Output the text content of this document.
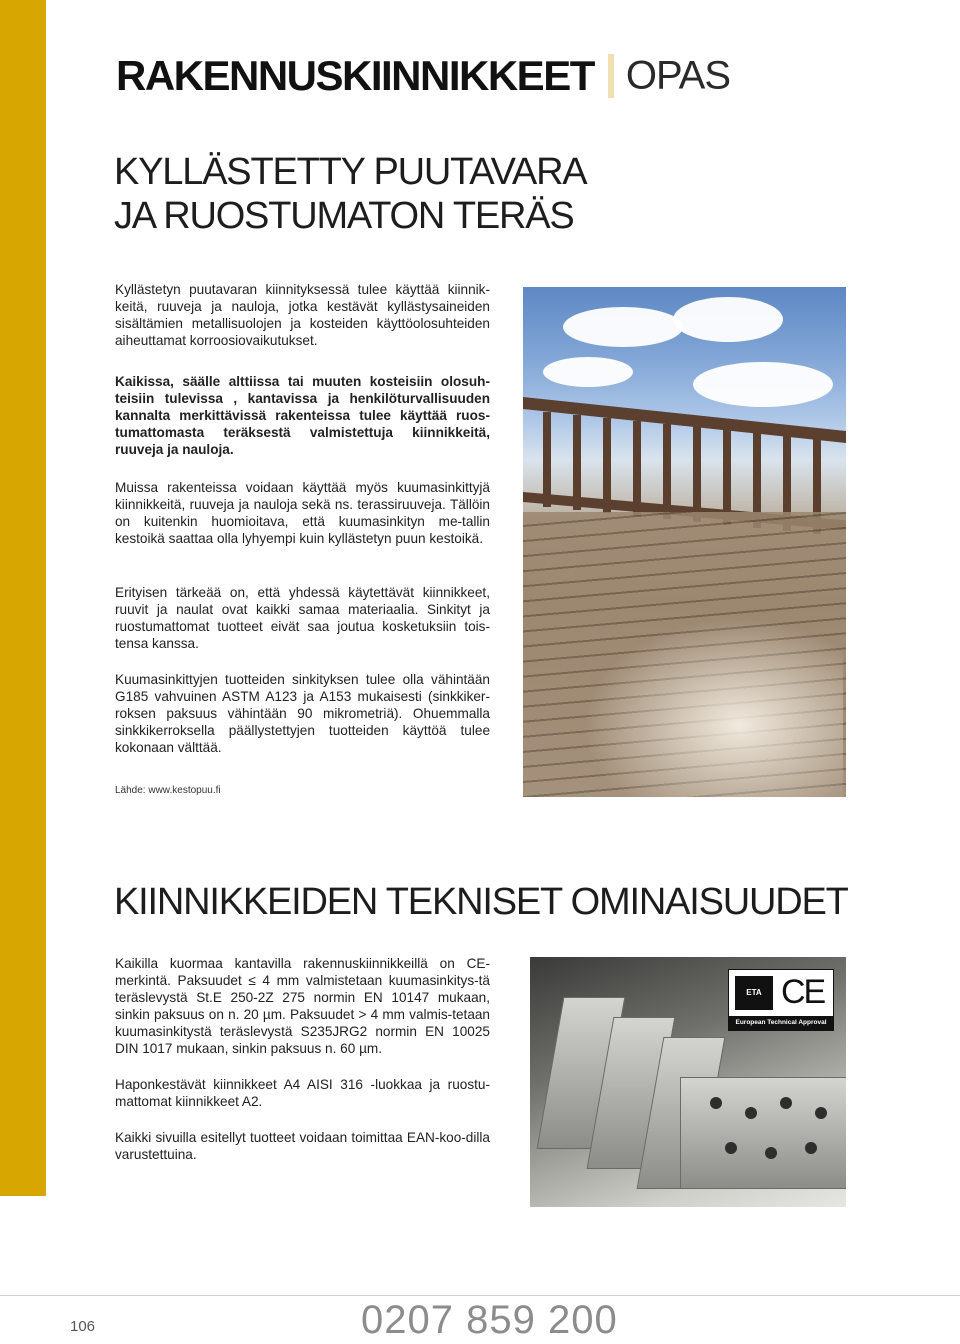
RAKENNUSKIINNIKKEET OPAS
KYLLÄSTETTY PUUTAVARA
JA RUOSTUMATON TERÄS

Kyllästetyn puutavaran kiinnityksessä tulee käyttää kiinnik-keitä, ruuveja ja nauloja, jotka kestävät kyllästysaineiden sisältämien metallisuolojen ja kosteiden käyttöolosuhteiden aiheuttamat korroosiovaikutukset.

Kaikissa, säälle alttiissa tai muuten kosteisiin olosuh-teisiin tulevissa , kantavissa ja henkilöturvallisuuden kannalta merkittävissä rakenteissa tulee käyttää ruos-tumattomasta teräksestä valmistettuja kiinnikkeitä, ruuveja ja nauloja.

Muissa rakenteissa voidaan käyttää myös kuumasinkittyjä kiinnikkeitä, ruuveja ja nauloja sekä ns. terassiruuveja. Tällöin on kuitenkin huomioitava, että kuumasinkityn me-tallin kestoikä saattaa olla lyhyempi kuin kyllästetyn puun kestoikä.

Erityisen tärkeää on, että yhdessä käytettävät kiinnikkeet, ruuvit ja naulat ovat kaikki samaa materiaalia. Sinkityt ja ruostumattomat tuotteet eivät saa joutua kosketuksiin tois-tensa kanssa.

Kuumasinkittyjen tuotteiden sinkityksen tulee olla vähintään G185 vahvuinen ASTM A123 ja A153 mukaisesti (sinkkiker-roksen paksuus vähintään 90 mikrometriä). Ohuemmalla sinkkikerroksella päällystettyjen tuotteiden käyttöä tulee kokonaan välttää.

Lähde: www.kestopuu.fi
KIINNIKKEIDEN TEKNISET OMINAISUUDET

Kaikilla kuormaa kantavilla rakennuskiinnikkeillä on CE-merkintä. Paksuudet ≤ 4 mm valmistetaan kuumasinkitys-tä teräslevystä St.E 250-2Z 275 normin EN 10147 mukaan, sinkin paksuus on n. 20 µm. Paksuudet > 4 mm valmis-tetaan kuumasinkitystä teräslevystä S235JRG2 normin EN 10025 DIN 1017 mukaan, sinkin paksuus n. 60 µm.

Haponkestävät kiinnikkeet A4 AISI 316 -luokkaa ja ruostu-mattomat kiinnikkeet A2.

Kaikki sivuilla esitellyt tuotteet voidaan toimittaa EAN-koo-dilla varustettuina.

ETA CE
European Technical Approval
106	0207 859 200
